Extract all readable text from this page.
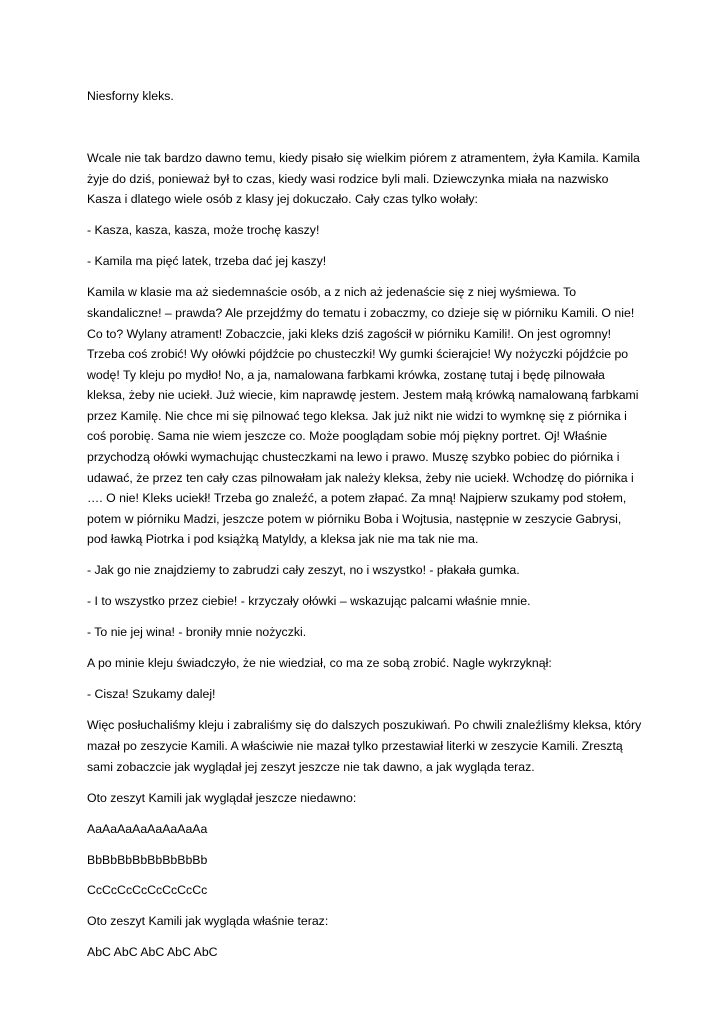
Niesforny kleks.

Wcale nie tak bardzo dawno temu, kiedy pisało się wielkim piórem z atramentem, żyła Kamila. Kamila żyje do dziś, ponieważ był to czas, kiedy wasi rodzice byli mali. Dziewczynka miała na nazwisko Kasza i dlatego wiele osób z klasy jej dokuczało. Cały czas tylko wołały:

- Kasza, kasza, kasza, może trochę kaszy!

- Kamila ma pięć latek, trzeba dać jej kaszy!

Kamila w klasie ma aż siedemnaście osób, a z nich aż jedenaście się z niej wyśmiewa. To skandaliczne! – prawda? Ale przejdźmy do tematu i zobaczmy, co dzieje się w piórniku Kamili. O nie! Co to? Wylany atrament! Zobaczcie, jaki kleks dziś zagościł w piórniku Kamili!. On jest ogromny! Trzeba coś zrobić! Wy ołówki pójdźcie po chusteczki! Wy gumki ścierajcie! Wy nożyczki pójdźcie po wodę! Ty kleju po mydło! No, a ja, namalowana farbkami krówka, zostanę tutaj i będę pilnowała kleksa, żeby nie uciekł. Już wiecie, kim naprawdę jestem. Jestem małą krówką namalowaną farbkami przez Kamilę. Nie chce mi się pilnować tego kleksa. Jak już nikt nie widzi to wymknę się z piórnika i coś porobię. Sama nie wiem jeszcze co. Może pooglądam sobie mój piękny portret. Oj! Właśnie przychodzą ołówki wymachując chusteczkami na lewo i prawo. Muszę szybko pobiec do piórnika i udawać, że przez ten cały czas pilnowałam jak należy kleksa, żeby nie uciekł. Wchodzę do piórnika i …. O nie! Kleks uciekł! Trzeba go znaleźć, a potem złapać. Za mną! Najpierw szukamy pod stołem, potem w piórniku Madzi, jeszcze potem w piórniku Boba i Wojtusia, następnie w zeszycie Gabrysi, pod ławką Piotrka i pod książką Matyldy, a kleksa jak nie ma tak nie ma.

- Jak go nie znajdziemy to zabrudzi cały zeszyt, no i wszystko! - płakała gumka.

- I to wszystko przez ciebie! - krzyczały ołówki – wskazując palcami właśnie mnie.

- To nie jej wina! - broniły mnie nożyczki.

A po minie kleju świadczyło, że nie wiedział, co ma ze sobą zrobić. Nagle wykrzyknął:

- Cisza! Szukamy dalej!

Więc posłuchaliśmy kleju i zabraliśmy się do dalszych poszukiwań. Po chwili znaleźliśmy kleksa, który mazał po zeszycie Kamili. A właściwie nie mazał tylko przestawiał literki w zeszycie Kamili. Zresztą sami zobaczcie jak wyglądał jej zeszyt jeszcze nie tak dawno, a jak wygląda teraz.

Oto zeszyt Kamili jak wyglądał jeszcze niedawno:

AaAaAaAaAaAaAaAa

BbBbBbBbBbBbBbBb

CcCcCcCcCcCcCcCc

Oto zeszyt Kamili jak wygląda właśnie teraz:

AbC AbC AbC AbC AbC
